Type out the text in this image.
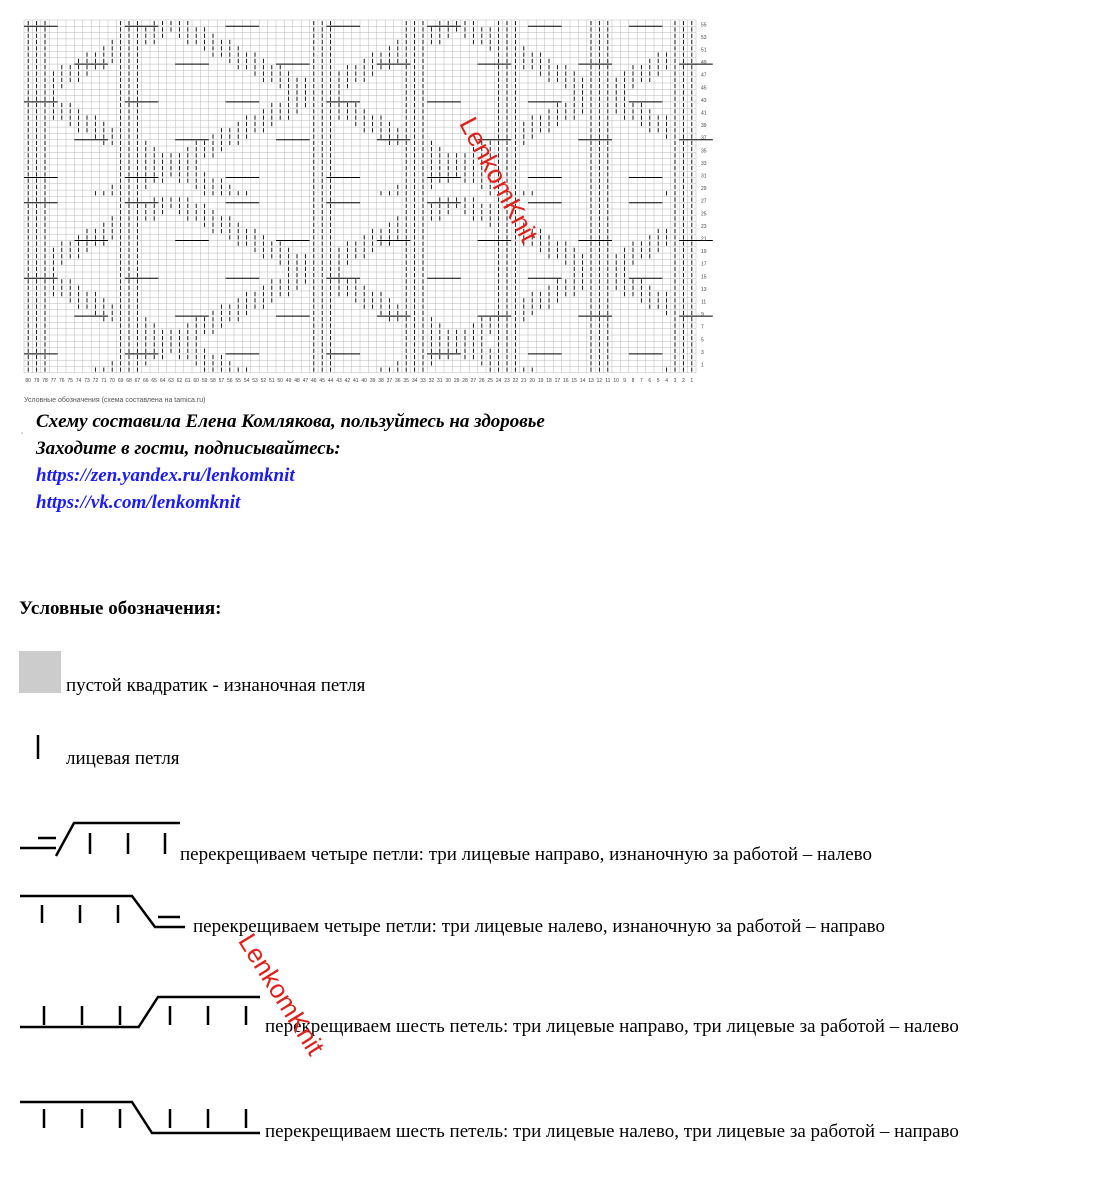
80 79 78 77 76 75 74 73 72 71 70 69 68 67 66 65 64 63 62 61 60 59 58 57 56 55 54 53 52 51 50 49 48 47 46 45 44 43 42 41 40 39 38 37 36 35 34 33 32 31 30 29 28 27 26 25 24 23 22 21 20 19 18 17 16 15 14 13 12 11 10 9 8 7 6 5 4 3 2 1
55
53
51
49
47
45
43
41
39
37
35
33
31
29
27
25
23
21
19
17
15
13
11
9
7
5
3
1
Условные обозначения (схема составлена на tamica.ru)
LenkomKnit
Схему составила Елена Комлякова, пользуйтесь на здоровье
Заходите в гости, подписывайтесь:
https://zen.yandex.ru/lenkomknit
https://vk.com/lenkomknit
Условные обозначения:
пустой квадратик - изнаночная петля
лицевая петля
перекрещиваем четыре петли: три лицевые направо, изнаночную за работой – налево
перекрещиваем четыре петли: три лицевые налево, изнаночную за работой – направо
перекрещиваем шесть петель: три лицевые направо, три лицевые за работой – налево
перекрещиваем шесть петель: три лицевые налево, три лицевые за работой – направо
LenkomKnit
